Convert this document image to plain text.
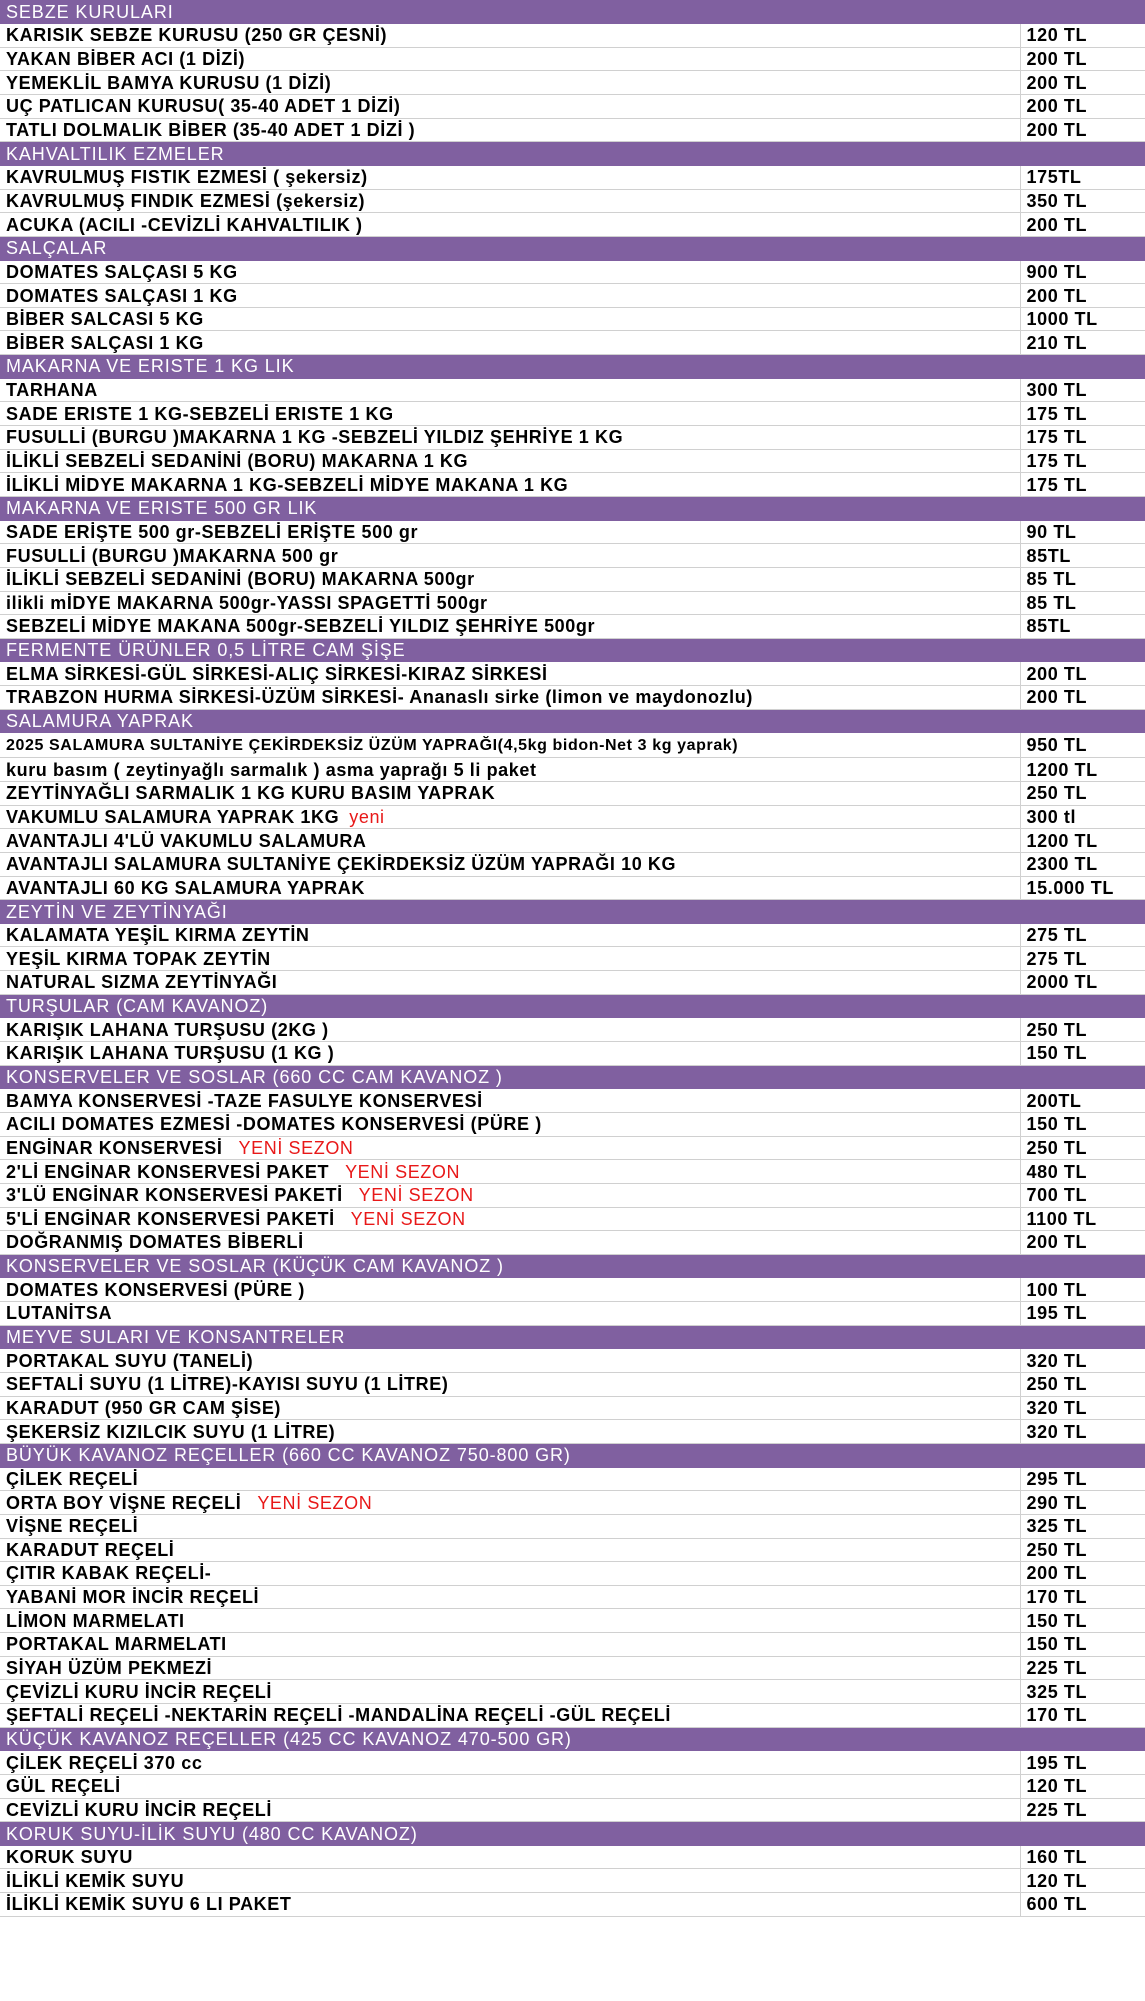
SEBZE KURULARI	
KARISIK SEBZE KURUSU (250 GR ÇESNİ)	120 TL
YAKAN BİBER ACI (1 DİZİ)	200 TL
YEMEKLİL BAMYA KURUSU (1 DİZİ)	200 TL
UÇ PATLICAN KURUSU( 35-40 ADET 1 DİZİ)	200 TL
TATLI DOLMALIK BİBER (35-40 ADET 1 DİZİ )	200 TL
KAHVALTILIK EZMELER	
KAVRULMUŞ FISTIK EZMESİ ( şekersiz)	175TL
KAVRULMUŞ FINDIK EZMESİ (şekersiz)	350 TL
ACUKA (ACILI -CEVİZLİ KAHVALTILIK )	200 TL
SALÇALAR	
DOMATES SALÇASI 5 KG	900 TL
DOMATES SALÇASI 1 KG	200 TL
BİBER SALCASI 5 KG	1000 TL
BİBER SALÇASI 1 KG	210 TL
MAKARNA VE ERISTE 1 KG LIK	
TARHANA	300 TL
SADE ERISTE 1 KG-SEBZELİ ERISTE 1 KG	175 TL
FUSULLİ (BURGU )MAKARNA 1 KG -SEBZELİ YILDIZ ŞEHRİYE 1 KG	175 TL
İLİKLİ SEBZELİ SEDANİNİ (BORU) MAKARNA 1 KG	175 TL
İLİKLİ MİDYE MAKARNA 1 KG-SEBZELİ MİDYE MAKANA 1 KG	175 TL
MAKARNA VE ERISTE 500 GR LIK	
SADE ERİŞTE 500 gr-SEBZELİ ERİŞTE 500 gr	90 TL
FUSULLİ (BURGU )MAKARNA 500 gr	85TL
İLİKLİ SEBZELİ SEDANİNİ (BORU) MAKARNA 500gr	85 TL
ilikli mİDYE MAKARNA 500gr-YASSI SPAGETTİ 500gr	85 TL
SEBZELİ MİDYE MAKANA 500gr-SEBZELİ YILDIZ ŞEHRİYE 500gr	85TL
FERMENTE ÜRÜNLER 0,5 LİTRE CAM ŞİŞE	
ELMA SİRKESİ-GÜL SİRKESİ-ALIÇ SİRKESİ-KIRAZ SİRKESİ	200 TL
TRABZON HURMA SİRKESİ-ÜZÜM SİRKESİ- Ananaslı sirke (limon ve maydonozlu)	200 TL
SALAMURA YAPRAK	
2025 SALAMURA SULTANİYE ÇEKİRDEKSİZ ÜZÜM YAPRAĞI(4,5kg bidon-Net 3 kg yaprak)	950 TL
kuru basım ( zeytinyağlı sarmalık ) asma yaprağı 5 li paket	1200 TL
ZEYTİNYAĞLI SARMALIK 1 KG KURU BASIM YAPRAK	250 TL
VAKUMLU SALAMURA YAPRAK 1KG yeni	300 tl
AVANTAJLI 4'LÜ VAKUMLU SALAMURA	1200 TL
AVANTAJLI SALAMURA SULTANİYE ÇEKİRDEKSİZ ÜZÜM YAPRAĞI 10 KG	2300 TL
AVANTAJLI 60 KG SALAMURA YAPRAK	15.000 TL
ZEYTİN VE ZEYTİNYAĞI	
KALAMATA YEŞİL KIRMA ZEYTİN	275 TL
YEŞİL KIRMA TOPAK ZEYTİN	275 TL
NATURAL SIZMA ZEYTİNYAĞI	2000 TL
TURŞULAR (CAM KAVANOZ)	
KARIŞIK LAHANA TURŞUSU (2KG )	250 TL
KARIŞIK LAHANA TURŞUSU (1 KG )	150 TL
KONSERVELER VE SOSLAR (660 CC CAM KAVANOZ )	
BAMYA KONSERVESİ -TAZE FASULYE KONSERVESİ	200TL
ACILI DOMATES EZMESİ -DOMATES KONSERVESİ (PÜRE )	150 TL
ENGİNAR KONSERVESİ YENİ SEZON	250 TL
2'Lİ ENGİNAR KONSERVESİ PAKET YENİ SEZON	480 TL
3'LÜ ENGİNAR KONSERVESİ PAKETİ YENİ SEZON	700 TL
5'Lİ ENGİNAR KONSERVESİ PAKETİ YENİ SEZON	1100 TL
DOĞRANMIŞ DOMATES BİBERLİ	200 TL
KONSERVELER VE SOSLAR (KÜÇÜK CAM KAVANOZ )	
DOMATES KONSERVESİ (PÜRE )	100 TL
LUTANİTSA	195 TL
MEYVE SULARI VE KONSANTRELER	
PORTAKAL SUYU (TANELİ)	320 TL
SEFTALİ SUYU (1 LİTRE)-KAYISI SUYU (1 LİTRE)	250 TL
KARADUT (950 GR CAM ŞİSE)	320 TL
ŞEKERSİZ KIZILCIK SUYU (1 LİTRE)	320 TL
BÜYÜK KAVANOZ REÇELLER (660 CC KAVANOZ 750-800 GR)	
ÇİLEK REÇELİ	295 TL
ORTA BOY VİŞNE REÇELİ YENİ SEZON	290 TL
VİŞNE REÇELİ	325 TL
KARADUT REÇELİ	250 TL
ÇITIR KABAK REÇELİ-	200 TL
YABANİ MOR İNCİR REÇELİ	170 TL
LİMON MARMELATI	150 TL
PORTAKAL MARMELATI	150 TL
SİYAH ÜZÜM PEKMEZİ	225 TL
ÇEVİZLİ KURU İNCİR REÇELİ	325 TL
ŞEFTALİ REÇELİ -NEKTARİN REÇELİ -MANDALİNA REÇELİ -GÜL REÇELİ	170 TL
KÜÇÜK KAVANOZ REÇELLER (425 CC KAVANOZ 470-500 GR)	
ÇİLEK REÇELİ 370 cc	195 TL
GÜL REÇELİ	120 TL
CEVİZLİ KURU İNCİR REÇELİ	225 TL
KORUK SUYU-İLİK SUYU (480 CC KAVANOZ)	
KORUK SUYU	160 TL
İLİKLİ KEMİK SUYU	120 TL
İLİKLİ KEMİK SUYU 6 LI PAKET	600 TL
